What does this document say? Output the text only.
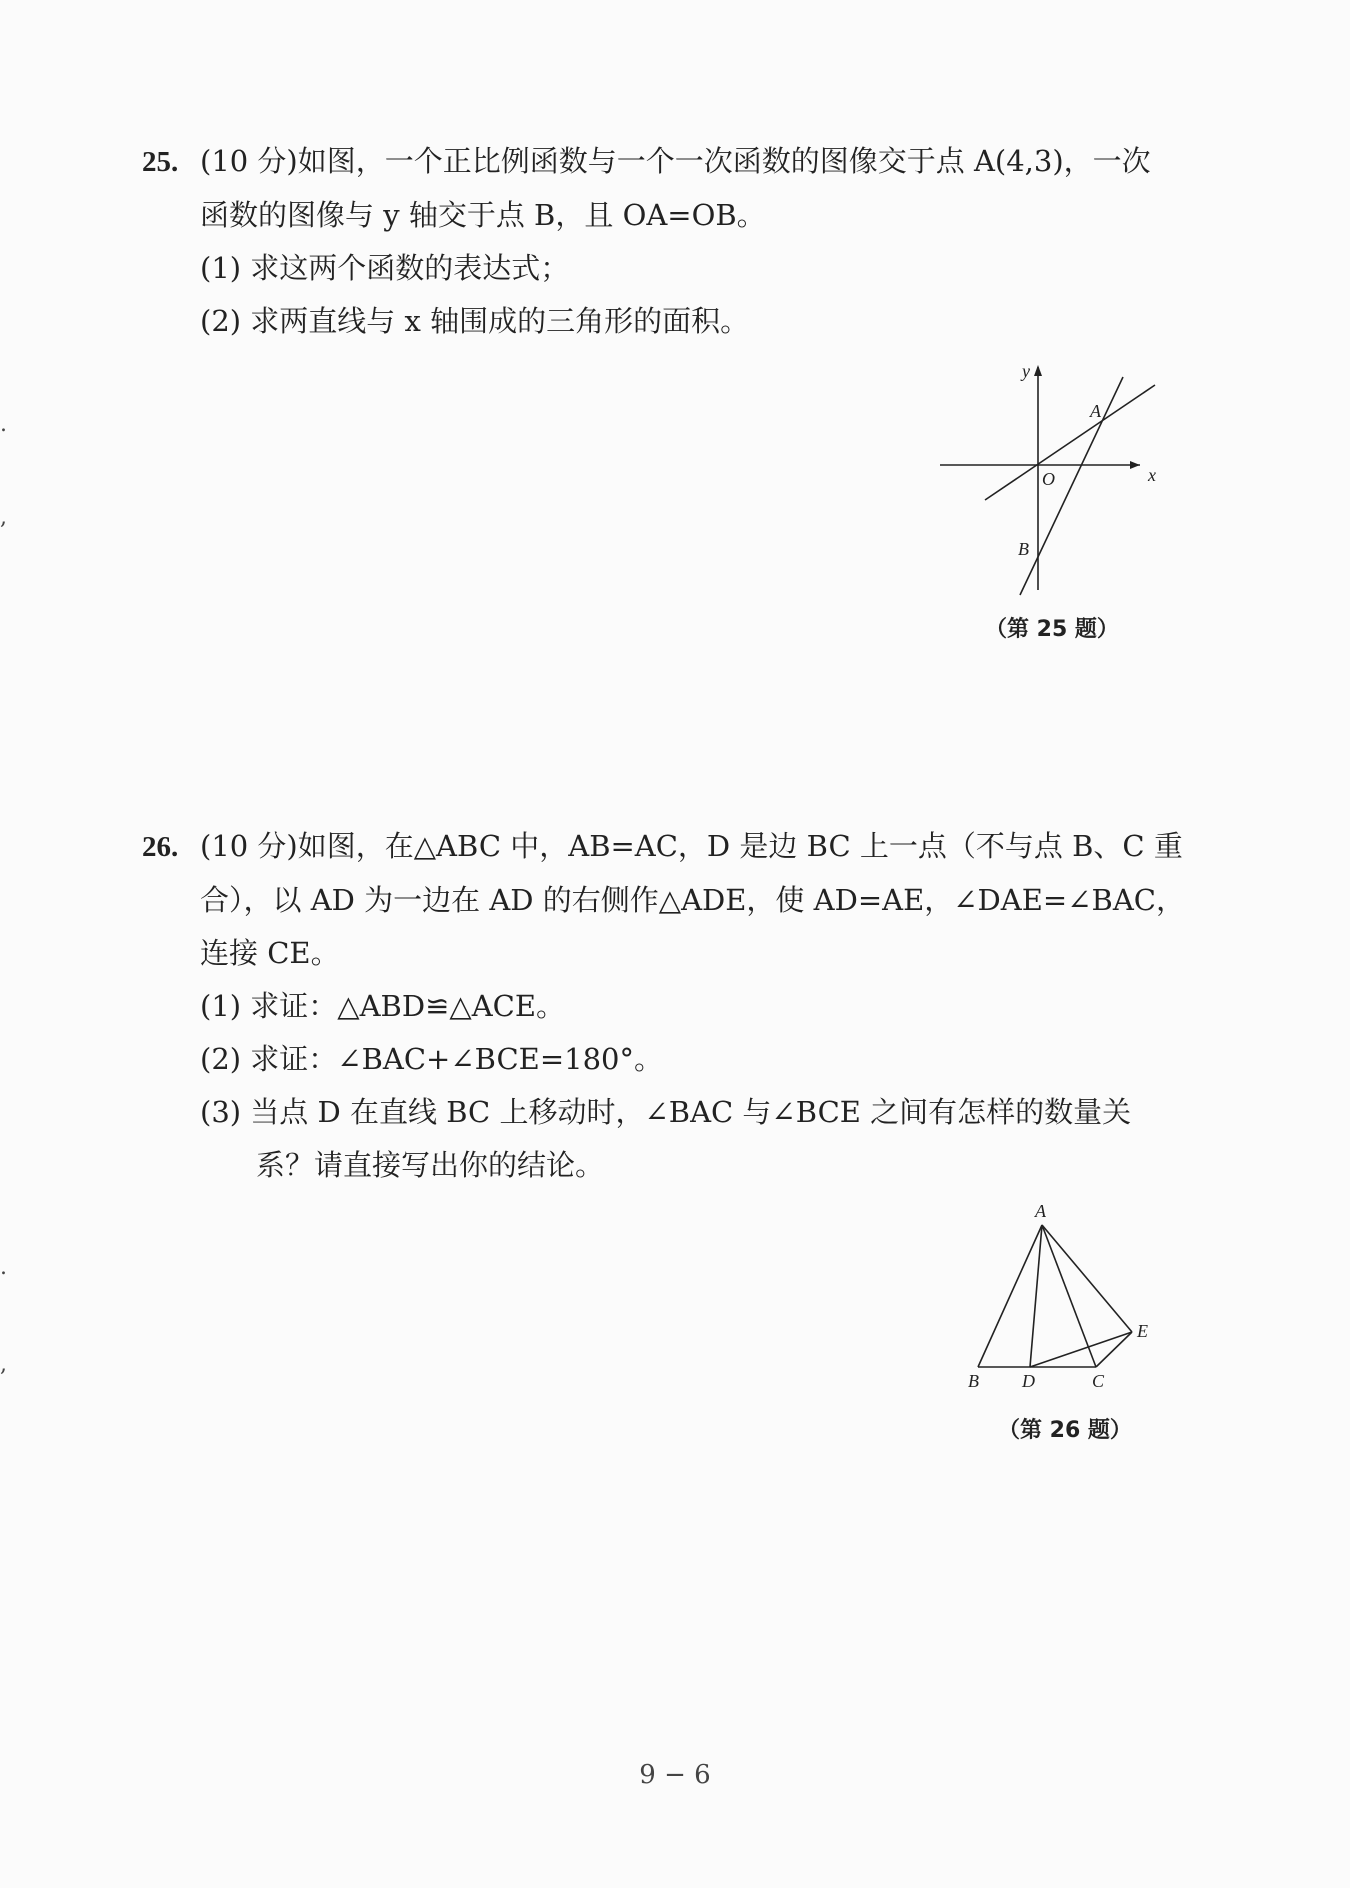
.
,
.
,
25. (10 分)如图，一个正比例函数与一个一次函数的图像交于点 A(4,3)，一次
函数的图像与 y 轴交于点 B，且 OA=OB。
(1) 求这两个函数的表达式；
(2) 求两直线与 x 轴围成的三角形的面积。
y
x
O
A
B
（第 25 题）
26. (10 分)如图，在△ABC 中，AB=AC，D 是边 BC 上一点（不与点 B、C 重
合），以 AD 为一边在 AD 的右侧作△ADE，使 AD=AE，∠DAE=∠BAC，
连接 CE。
(1) 求证：△ABD≌△ACE。
(2) 求证：∠BAC+∠BCE=180°。
(3) 当点 D 在直线 BC 上移动时，∠BAC 与∠BCE 之间有怎样的数量关
系？请直接写出你的结论。
A
B D	C
E
（第 26 题）
9 − 6
